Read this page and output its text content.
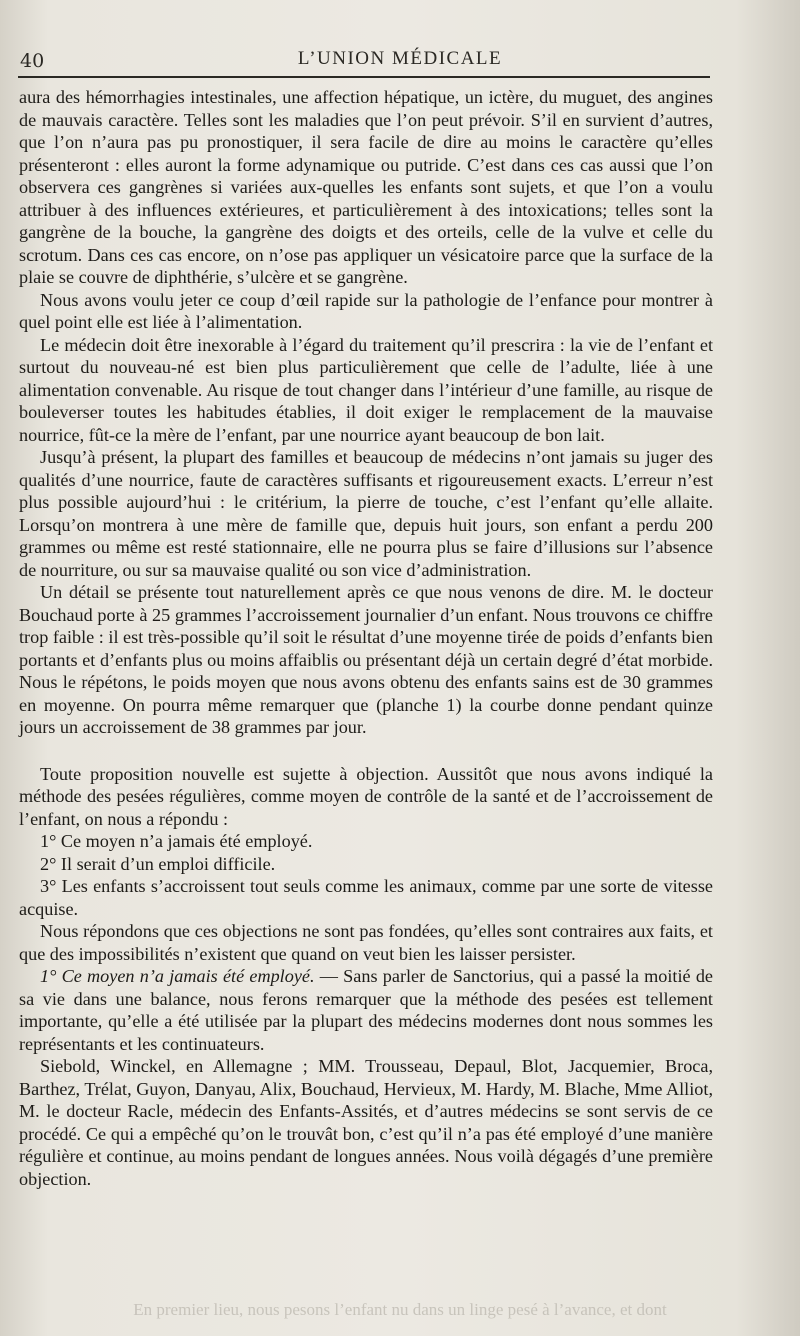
40	L’UNION MÉDICALE

aura des hémorrhagies intestinales, une affection hépatique, un ictère, du muguet, des angines de mauvais caractère. Telles sont les maladies que l’on peut prévoir. S’il en survient d’autres, que l’on n’aura pas pu pronostiquer, il sera facile de dire au moins le caractère qu’elles présenteront : elles auront la forme adynamique ou putride. C’est dans ces cas aussi que l’on observera ces gangrènes si variées aux-quelles les enfants sont sujets, et que l’on a voulu attribuer à des influences extérieures, et particulièrement à des intoxications; telles sont la gangrène de la bouche, la gangrène des doigts et des orteils, celle de la vulve et celle du scrotum. Dans ces cas encore, on n’ose pas appliquer un vésicatoire parce que la surface de la plaie se couvre de diphthérie, s’ulcère et se gangrène.

Nous avons voulu jeter ce coup d’œil rapide sur la pathologie de l’enfance pour montrer à quel point elle est liée à l’alimentation.

Le médecin doit être inexorable à l’égard du traitement qu’il prescrira : la vie de l’enfant et surtout du nouveau-né est bien plus particulièrement que celle de l’adulte, liée à une alimentation convenable. Au risque de tout changer dans l’intérieur d’une famille, au risque de bouleverser toutes les habitudes établies, il doit exiger le remplacement de la mauvaise nourrice, fût-ce la mère de l’enfant, par une nourrice ayant beaucoup de bon lait.

Jusqu’à présent, la plupart des familles et beaucoup de médecins n’ont jamais su juger des qualités d’une nourrice, faute de caractères suffisants et rigoureusement exacts. L’erreur n’est plus possible aujourd’hui : le critérium, la pierre de touche, c’est l’enfant qu’elle allaite. Lorsqu’on montrera à une mère de famille que, depuis huit jours, son enfant a perdu 200 grammes ou même est resté stationnaire, elle ne pourra plus se faire d’illusions sur l’absence de nourriture, ou sur sa mauvaise qualité ou son vice d’administration.

Un détail se présente tout naturellement après ce que nous venons de dire. M. le docteur Bouchaud porte à 25 grammes l’accroissement journalier d’un enfant. Nous trouvons ce chiffre trop faible : il est très-possible qu’il soit le résultat d’une moyenne tirée de poids d’enfants bien portants et d’enfants plus ou moins affaiblis ou présentant déjà un certain degré d’état morbide. Nous le répétons, le poids moyen que nous avons obtenu des enfants sains est de 30 grammes en moyenne. On pourra même remarquer que (planche 1) la courbe donne pendant quinze jours un accroissement de 38 grammes par jour.

Toute proposition nouvelle est sujette à objection. Aussitôt que nous avons indiqué la méthode des pesées régulières, comme moyen de contrôle de la santé et de l’accroissement de l’enfant, on nous a répondu :

1° Ce moyen n’a jamais été employé.

2° Il serait d’un emploi difficile.

3° Les enfants s’accroissent tout seuls comme les animaux, comme par une sorte de vitesse acquise.

Nous répondons que ces objections ne sont pas fondées, qu’elles sont contraires aux faits, et que des impossibilités n’existent que quand on veut bien les laisser persister.

1° Ce moyen n’a jamais été employé. — Sans parler de Sanctorius, qui a passé la moitié de sa vie dans une balance, nous ferons remarquer que la méthode des pesées est tellement importante, qu’elle a été utilisée par la plupart des médecins modernes dont nous sommes les représentants et les continuateurs.

Siebold, Winckel, en Allemagne ; MM. Trousseau, Depaul, Blot, Jacquemier, Broca, Barthez, Trélat, Guyon, Danyau, Alix, Bouchaud, Hervieux, M. Hardy, M. Blache, Mme Alliot, M. le docteur Racle, médecin des Enfants-Assités, et d’autres médecins se sont servis de ce procédé. Ce qui a empêché qu’on le trouvât bon, c’est qu’il n’a pas été employé d’une manière régulière et continue, au moins pendant de longues années. Nous voilà dégagés d’une première objection.

En premier lieu, nous pesons l’enfant nu dans un linge pesé à l’avance, et dont
